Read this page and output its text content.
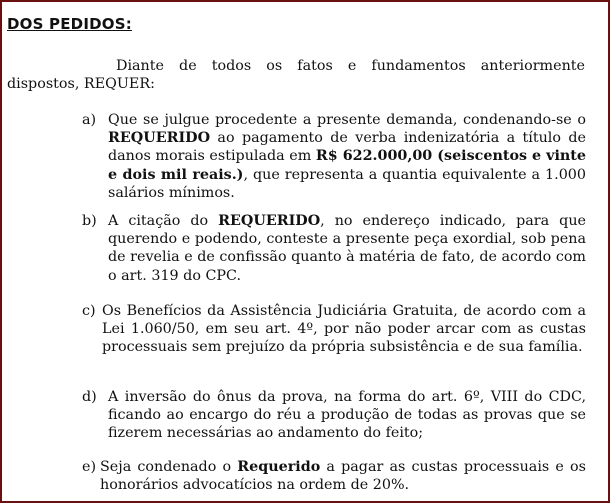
DOS PEDIDOS:
Diante de todos os fatos e fundamentos anteriormente dispostos, REQUER:
a) Que se julgue procedente a presente demanda, condenando-se o REQUERIDO ao pagamento de verba indenizatória a título de danos morais estipulada em R$ 622.000,00 (seiscentos e vinte e dois mil reais.), que representa a quantia equivalente a 1.000 salários mínimos.
b) A citação do REQUERIDO, no endereço indicado, para que querendo e podendo, conteste a presente peça exordial, sob pena de revelia e de confissão quanto à matéria de fato, de acordo com o art. 319 do CPC.
c) Os Benefícios da Assistência Judiciária Gratuita, de acordo com a Lei 1.060/50, em seu art. 4º, por não poder arcar com as custas processuais sem prejuízo da própria subsistência e de sua família.
d) A inversão do ônus da prova, na forma do art. 6º, VIII do CDC, ficando ao encargo do réu a produção de todas as provas que se fizerem necessárias ao andamento do feito;
e) Seja condenado o Requerido a pagar as custas processuais e os honorários advocatícios na ordem de 20%.
